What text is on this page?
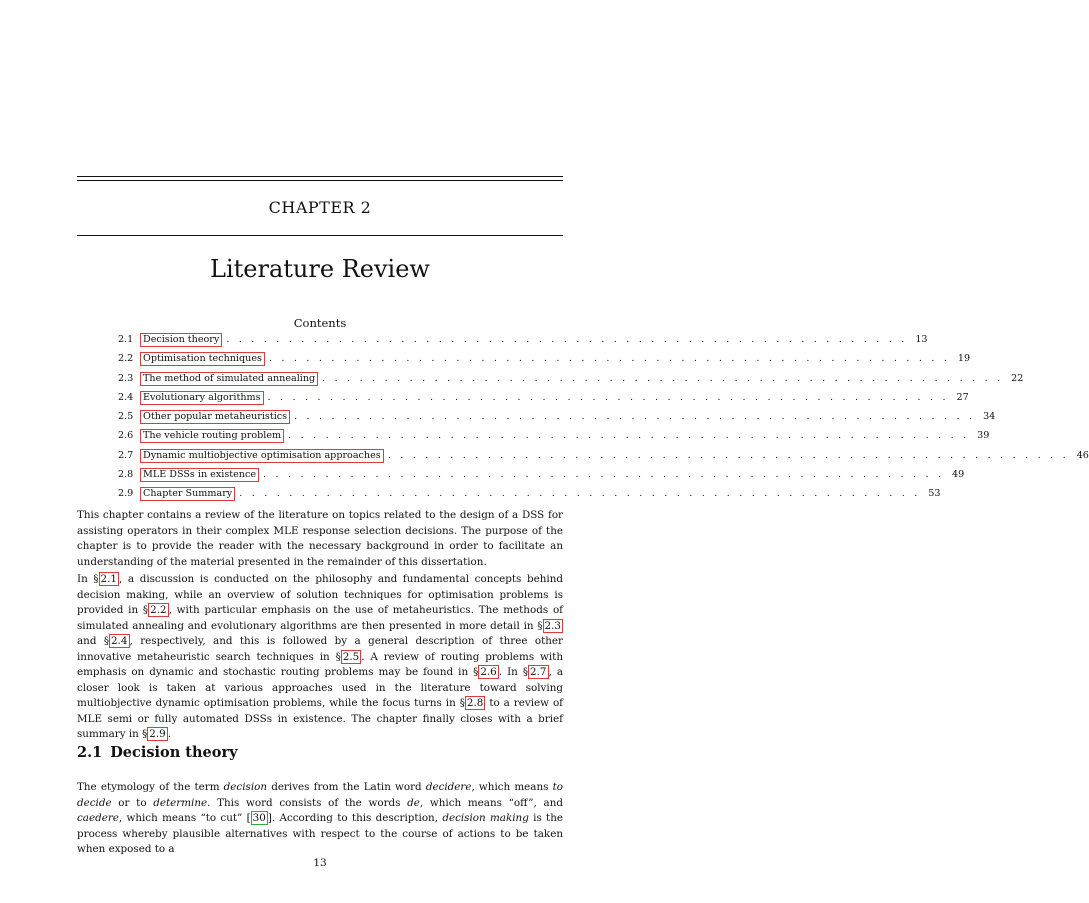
CHAPTER 2
Literature Review
Contents
2.1	Decision theory . . . . . . . . . . . . . . . . . . . . . . . . . . . . . . . . . . . . . . . . . . . . . . . . . . . . . . . 13
2.2	Optimisation techniques . . . . . . . . . . . . . . . . . . . . . . . . . . . . . . . . . . . . . . . . . . . . . . . . . . . . . . . 19
2.3	The method of simulated annealing . . . . . . . . . . . . . . . . . . . . . . . . . . . . . . . . . . . . . . . . . . . . . . . . . . . . . . . 22
2.4	Evolutionary algorithms . . . . . . . . . . . . . . . . . . . . . . . . . . . . . . . . . . . . . . . . . . . . . . . . . . . . . . . 27
2.5	Other popular metaheuristics . . . . . . . . . . . . . . . . . . . . . . . . . . . . . . . . . . . . . . . . . . . . . . . . . . . . . . . 34
2.6	The vehicle routing problem . . . . . . . . . . . . . . . . . . . . . . . . . . . . . . . . . . . . . . . . . . . . . . . . . . . . . . . 39
2.7	Dynamic multiobjective optimisation approaches . . . . . . . . . . . . . . . . . . . . . . . . . . . . . . . . . . . . . . . . . . . . . . . . . . . . . . . 46
2.8	MLE DSSs in existence . . . . . . . . . . . . . . . . . . . . . . . . . . . . . . . . . . . . . . . . . . . . . . . . . . . . . . . 49
2.9	Chapter Summary . . . . . . . . . . . . . . . . . . . . . . . . . . . . . . . . . . . . . . . . . . . . . . . . . . . . . . . 53

This chapter contains a review of the literature on topics related to the design of a DSS for assisting operators in their complex MLE response selection decisions. The purpose of the chapter is to provide the reader with the necessary background in order to facilitate an understanding of the material presented in the remainder of this dissertation.

In § 2.1 , a discussion is conducted on the philosophy and fundamental concepts behind decision making, while an overview of solution techniques for optimisation problems is provided in § 2.2 , with particular emphasis on the use of metaheuristics. The methods of simulated annealing and evolutionary algorithms are then presented in more detail in § 2.3 and § 2.4 , respectively, and this is followed by a general description of three other innovative metaheuristic search techniques in § 2.5 . A review of routing problems with emphasis on dynamic and stochastic routing problems may be found in § 2.6 . In § 2.7 , a closer look is taken at various approaches used in the literature toward solving multiobjective dynamic optimisation problems, while the focus turns in § 2.8 to a review of MLE semi or fully automated DSSs in existence. The chapter finally closes with a brief summary in § 2.9 .

2.1 Decision theory

The etymology of the term decision derives from the Latin word decidere, which means to decide or to determine. This word consists of the words de, which means “off”, and caedere, which means “to cut” [ 30 ]. According to this description, decision making is the process whereby plausible alternatives with respect to the course of actions to be taken when exposed to a

13
